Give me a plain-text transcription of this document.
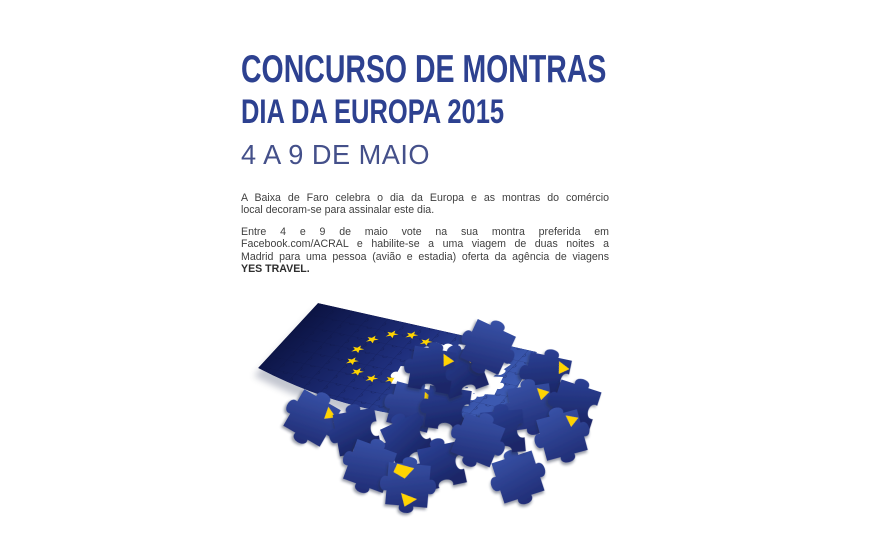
CONCURSO DE MONTRAS
DIA DA EUROPA 2015
4 A 9 DE MAIO
A Baixa de Faro celebra o dia da Europa e as montras do comércio
local decoram-se para assinalar este dia.
Entre 4 e 9 de maio vote na sua montra preferida em
Facebook.com/ACRAL e habilite-se a uma viagem de duas noites a
Madrid para uma pessoa (avião e estadia) oferta da agência de viagens
YES TRAVEL.
